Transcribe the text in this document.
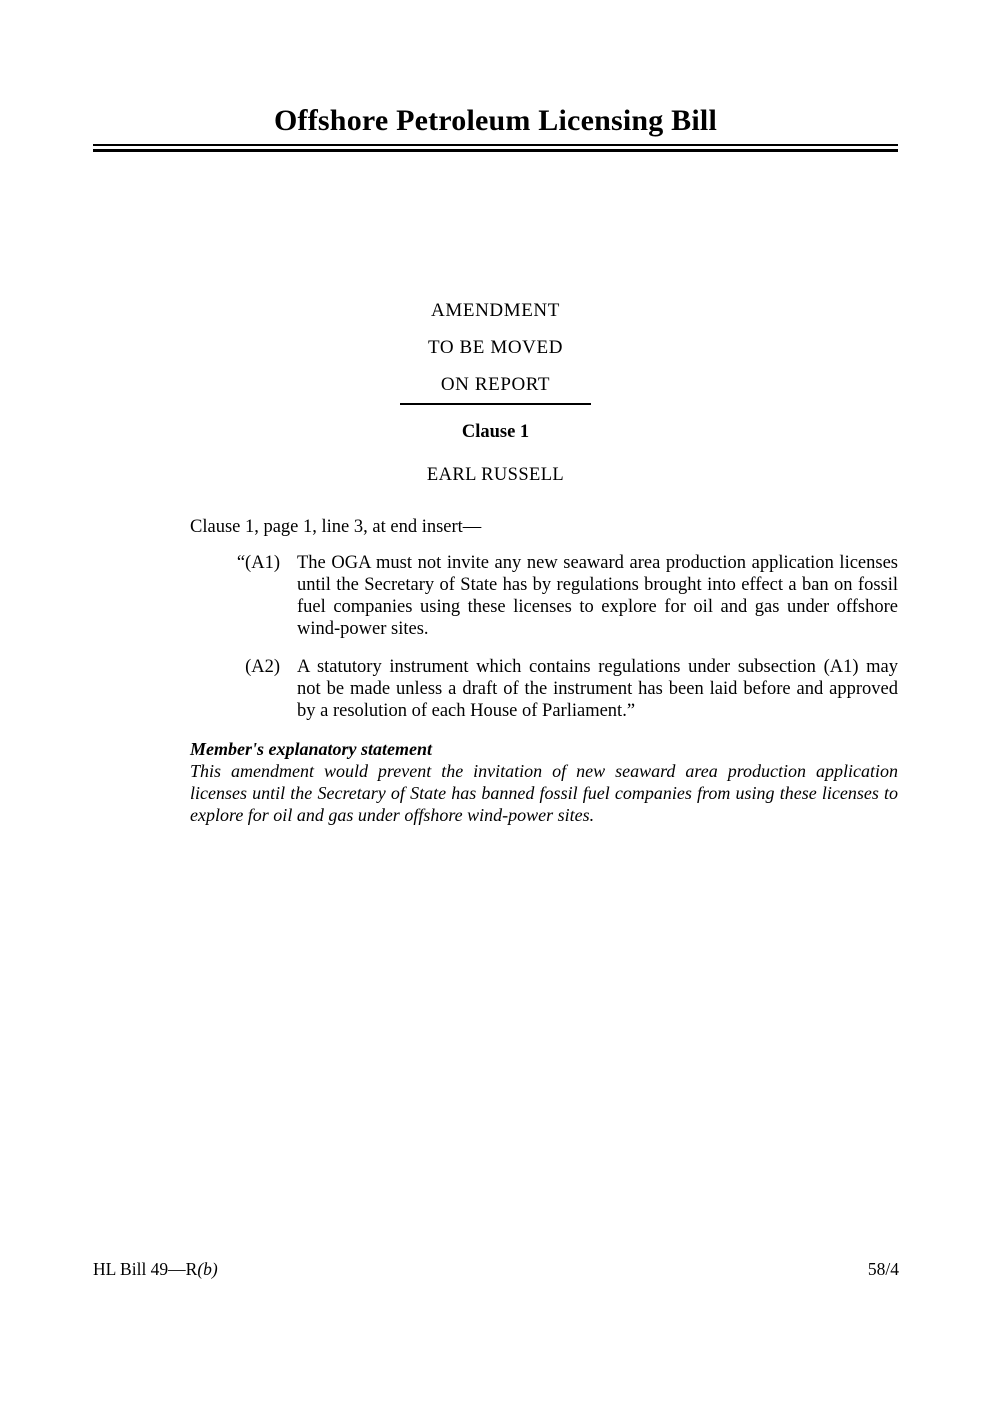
Offshore Petroleum Licensing Bill
AMENDMENT
TO BE MOVED
ON REPORT
Clause 1
EARL RUSSELL
Clause 1, page 1, line 3, at end insert—
“(A1) The OGA must not invite any new seaward area production application licenses until the Secretary of State has by regulations brought into effect a ban on fossil fuel companies using these licenses to explore for oil and gas under offshore wind-power sites.
(A2) A statutory instrument which contains regulations under subsection (A1) may not be made unless a draft of the instrument has been laid before and approved by a resolution of each House of Parliament.”
Member's explanatory statement
This amendment would prevent the invitation of new seaward area production application licenses until the Secretary of State has banned fossil fuel companies from using these licenses to explore for oil and gas under offshore wind-power sites.
HL Bill 49—R(b)	58/4
